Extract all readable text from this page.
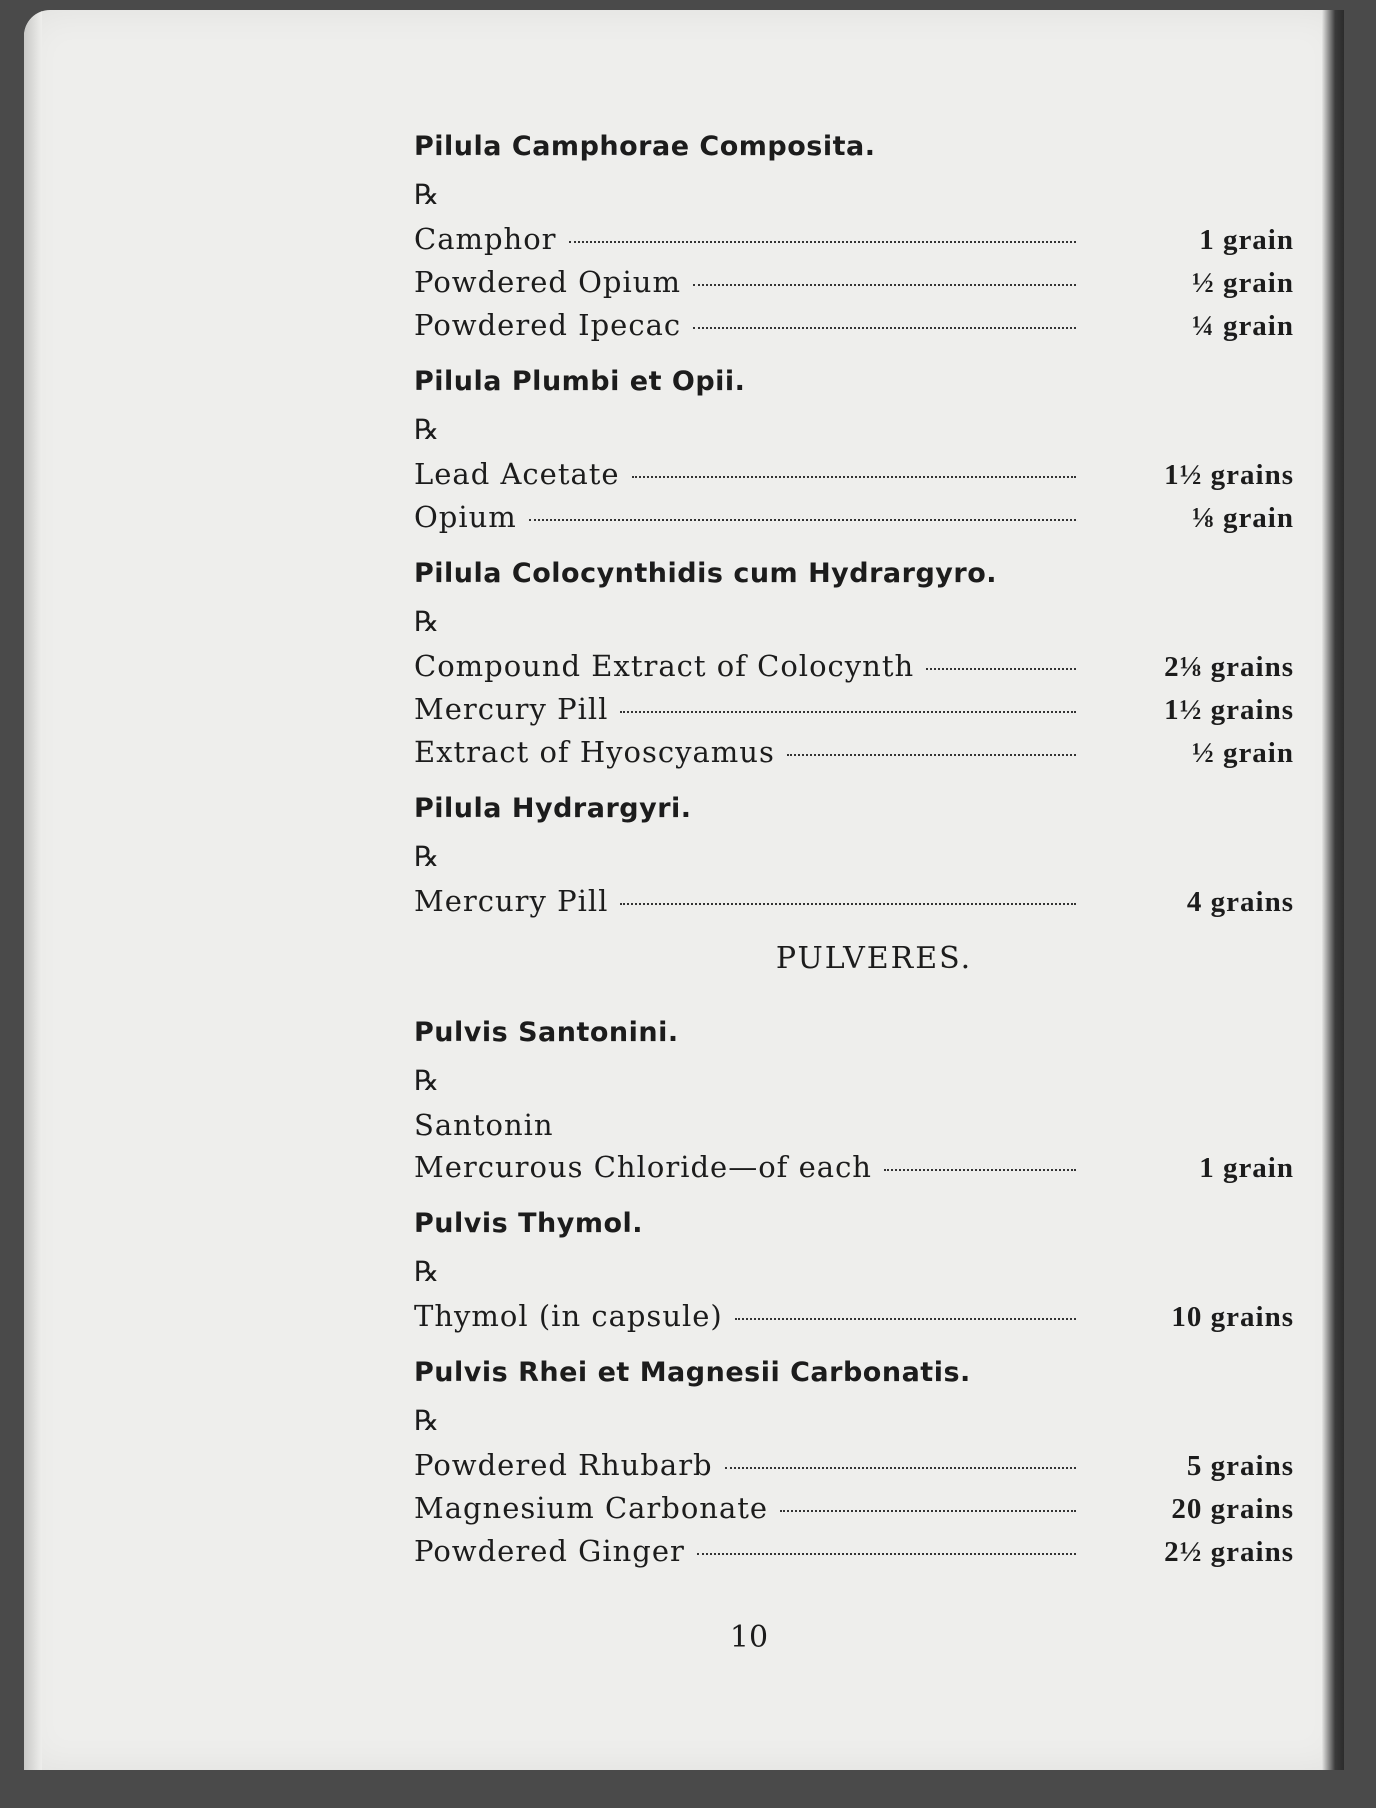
Pilula Camphorae Composita.
℞
Camphor	1 grain
Powdered Opium	½ grain
Powdered Ipecac	¼ grain
Pilula Plumbi et Opii.
℞
Lead Acetate	1½ grains
Opium	⅛ grain
Pilula Colocynthidis cum Hydrargyro.
℞
Compound Extract of Colocynth	2⅛ grains
Mercury Pill	1½ grains
Extract of Hyoscyamus	½ grain
Pilula Hydrargyri.
℞
Mercury Pill	4 grains
PULVERES.
Pulvis Santonini.
℞
Santonin
Mercurous Chloride—of each	1 grain
Pulvis Thymol.
℞
Thymol (in capsule)	10 grains
Pulvis Rhei et Magnesii Carbonatis.
℞
Powdered Rhubarb	5 grains
Magnesium Carbonate	20 grains
Powdered Ginger	2½ grains
10
